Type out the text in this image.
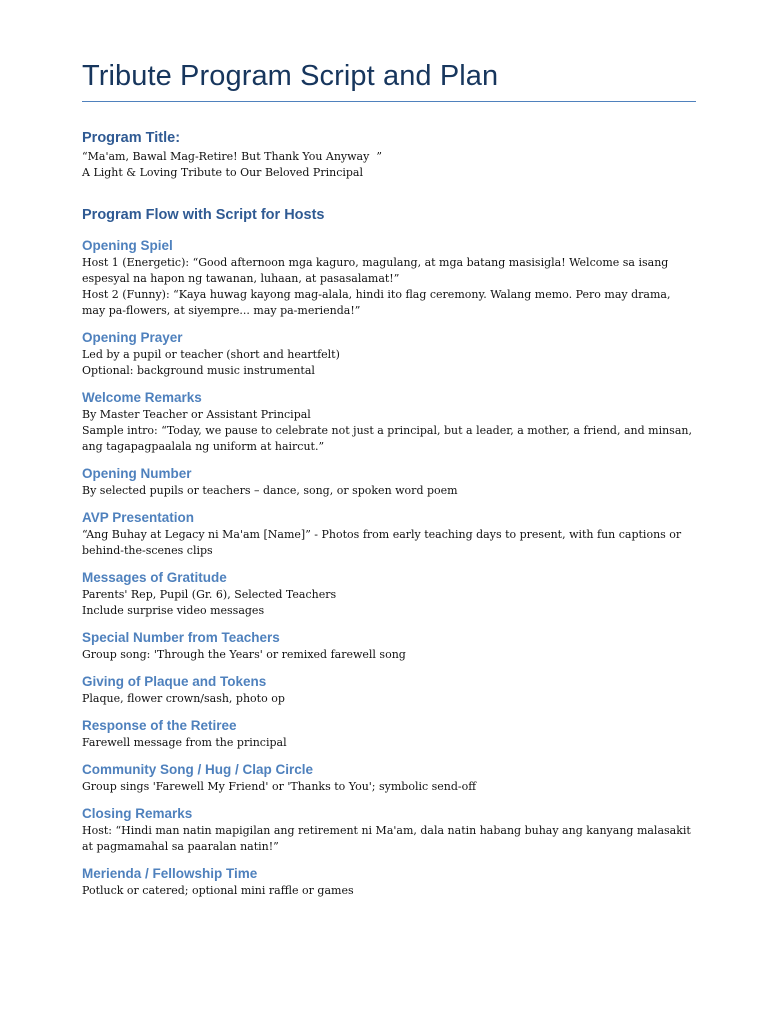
Tribute Program Script and Plan
Program Title:

“Ma'am, Bawal Mag-Retire! But Thank You Anyway  ”

A Light & Loving Tribute to Our Beloved Principal

Program Flow with Script for Hosts
Opening Spiel

Host 1 (Energetic): “Good afternoon mga kaguro, magulang, at mga batang masisigla! Welcome sa isang espesyal na hapon ng tawanan, luhaan, at pasasalamat!”

Host 2 (Funny): “Kaya huwag kayong mag-alala, hindi ito flag ceremony. Walang memo. Pero may drama, may pa-flowers, at siyempre... may pa-merienda!”

Opening Prayer

Led by a pupil or teacher (short and heartfelt)

Optional: background music instrumental

Welcome Remarks

By Master Teacher or Assistant Principal

Sample intro: “Today, we pause to celebrate not just a principal, but a leader, a mother, a friend, and minsan, ang tagapagpaalala ng uniform at haircut.”

Opening Number

By selected pupils or teachers – dance, song, or spoken word poem

AVP Presentation

“Ang Buhay at Legacy ni Ma'am [Name]” - Photos from early teaching days to present, with fun captions or behind-the-scenes clips

Messages of Gratitude

Parents' Rep, Pupil (Gr. 6), Selected Teachers

Include surprise video messages

Special Number from Teachers

Group song: 'Through the Years' or remixed farewell song

Giving of Plaque and Tokens

Plaque, flower crown/sash, photo op

Response of the Retiree

Farewell message from the principal

Community Song / Hug / Clap Circle

Group sings 'Farewell My Friend' or 'Thanks to You'; symbolic send-off

Closing Remarks

Host: “Hindi man natin mapigilan ang retirement ni Ma'am, dala natin habang buhay ang kanyang malasakit at pagmamahal sa paaralan natin!”

Merienda / Fellowship Time

Potluck or catered; optional mini raffle or games
